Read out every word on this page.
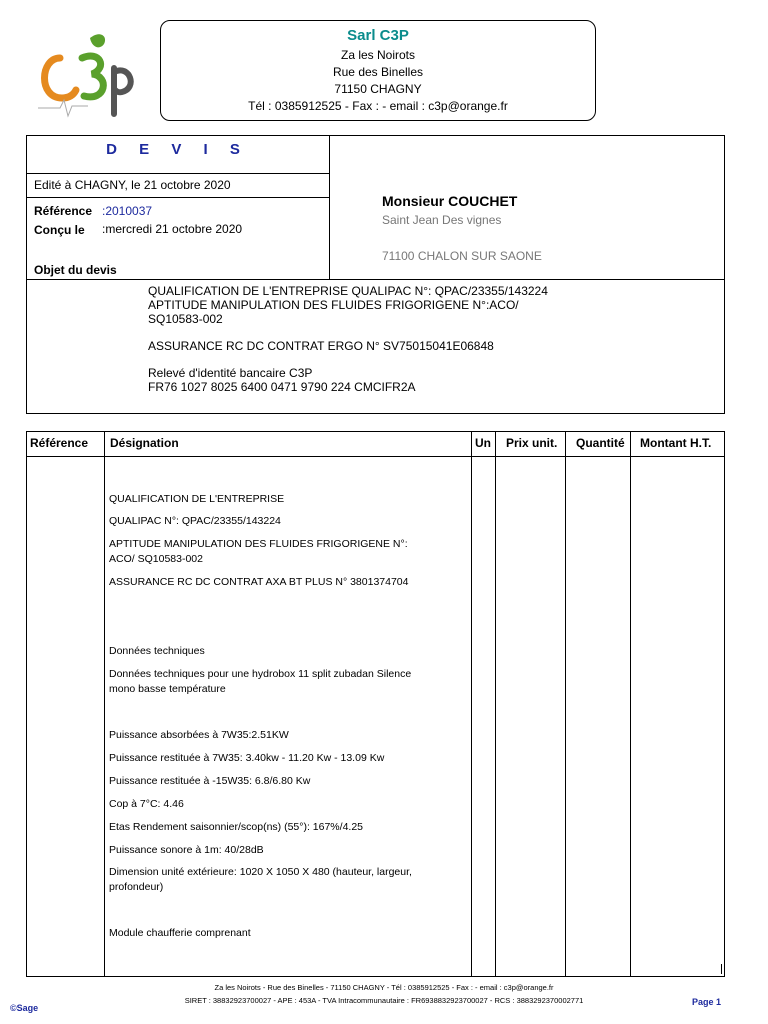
Sarl C3P
Za les Noirots
Rue des Binelles
71150 CHAGNY
Tél : 0385912525 - Fax : - email : c3p@orange.fr
D E V I S
Edité à CHAGNY, le 21 octobre 2020
Référence :2010037
Conçu le :mercredi 21 octobre 2020
Objet du devis
Monsieur COUCHET
Saint Jean Des vignes
71100 CHALON SUR SAONE
QUALIFICATION DE L'ENTREPRISE QUALIPAC N°: QPAC/23355/143224
APTITUDE MANIPULATION DES FLUIDES FRIGORIGENE N°:ACO/
SQ10583-002
ASSURANCE RC DC CONTRAT ERGO N° SV75015041E06848
Relevé d'identité bancaire C3P
FR76 1027 8025 6400 0471 9790 224 CMCIFR2A
Référence Désignation	Un Prix unit. Quantité Montant H.T.
QUALIFICATION DE L'ENTREPRISE
QUALIPAC N°: QPAC/23355/143224
APTITUDE MANIPULATION DES FLUIDES FRIGORIGENE N°:
ACO/ SQ10583-002
ASSURANCE RC DC CONTRAT AXA BT PLUS N° 3801374704
Données techniques
Données techniques pour une hydrobox 11 split zubadan Silence
mono basse température
Puissance absorbées à 7W35:2.51KW
Puissance restituée à 7W35: 3.40kw - 11.20 Kw - 13.09 Kw
Puissance restituée à -15W35: 6.8/6.80 Kw
Cop à 7°C: 4.46
Etas Rendement saisonnier/scop(ns) (55°): 167%/4.25
Puissance sonore à 1m: 40/28dB
Dimension unité extérieure: 1020 X 1050 X 480 (hauteur, largeur,
profondeur)
Module chaufferie comprenant
Za les Noirots - Rue des Binelles - 71150 CHAGNY - Tél : 0385912525 - Fax : - email : c3p@orange.fr
SIRET : 38832923700027 - APE : 453A - TVA Intracommunautaire : FR6938832923700027 - RCS : 3883292370002771
©Sage
Page 1
